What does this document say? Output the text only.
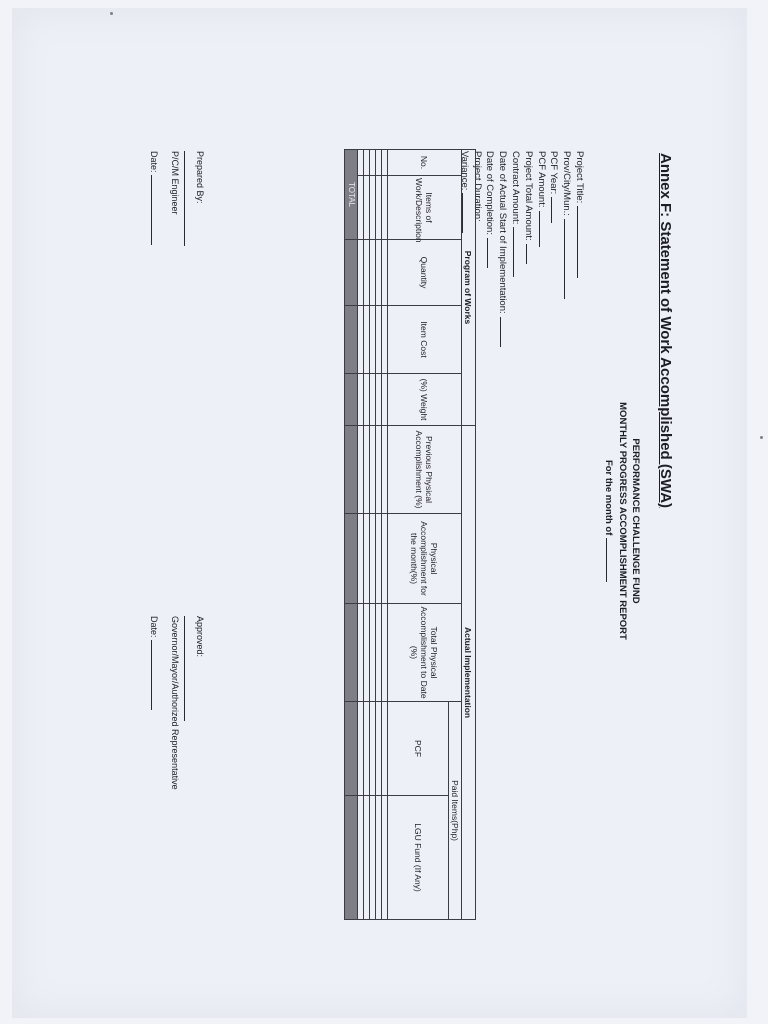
Annex F: Statement of Work Accomplished (SWA)
PERFORMANCE CHALLENGE FUND
MONTHLY PROGRESS ACCOMPLISHMENT REPORT
For the month of
Project Title:
Prov/City/Mun.:
PCF Year:
PCF Amount:
Project Total Amount:
Contract Amount:
Date of Actual Start of Implementation:
Date of Completion:
Project Duration:
Variance:
Program of Works					Actual Implementation				
No.	Items of Work/Description	Quantity	Item Cost	(%) Weight	Previous Physical Accomplishment (%)	Physical Accomplishment for the month(%)	Total Physical Accomplishment to Date (%)	Paid Items(Php)	
								PCF	LGU Fund (If Any)

TOTAL									
Prepared By:
P/C/M Engineer
Date:
Approved:
Governor/Mayor/Authorized Representative
Date:
